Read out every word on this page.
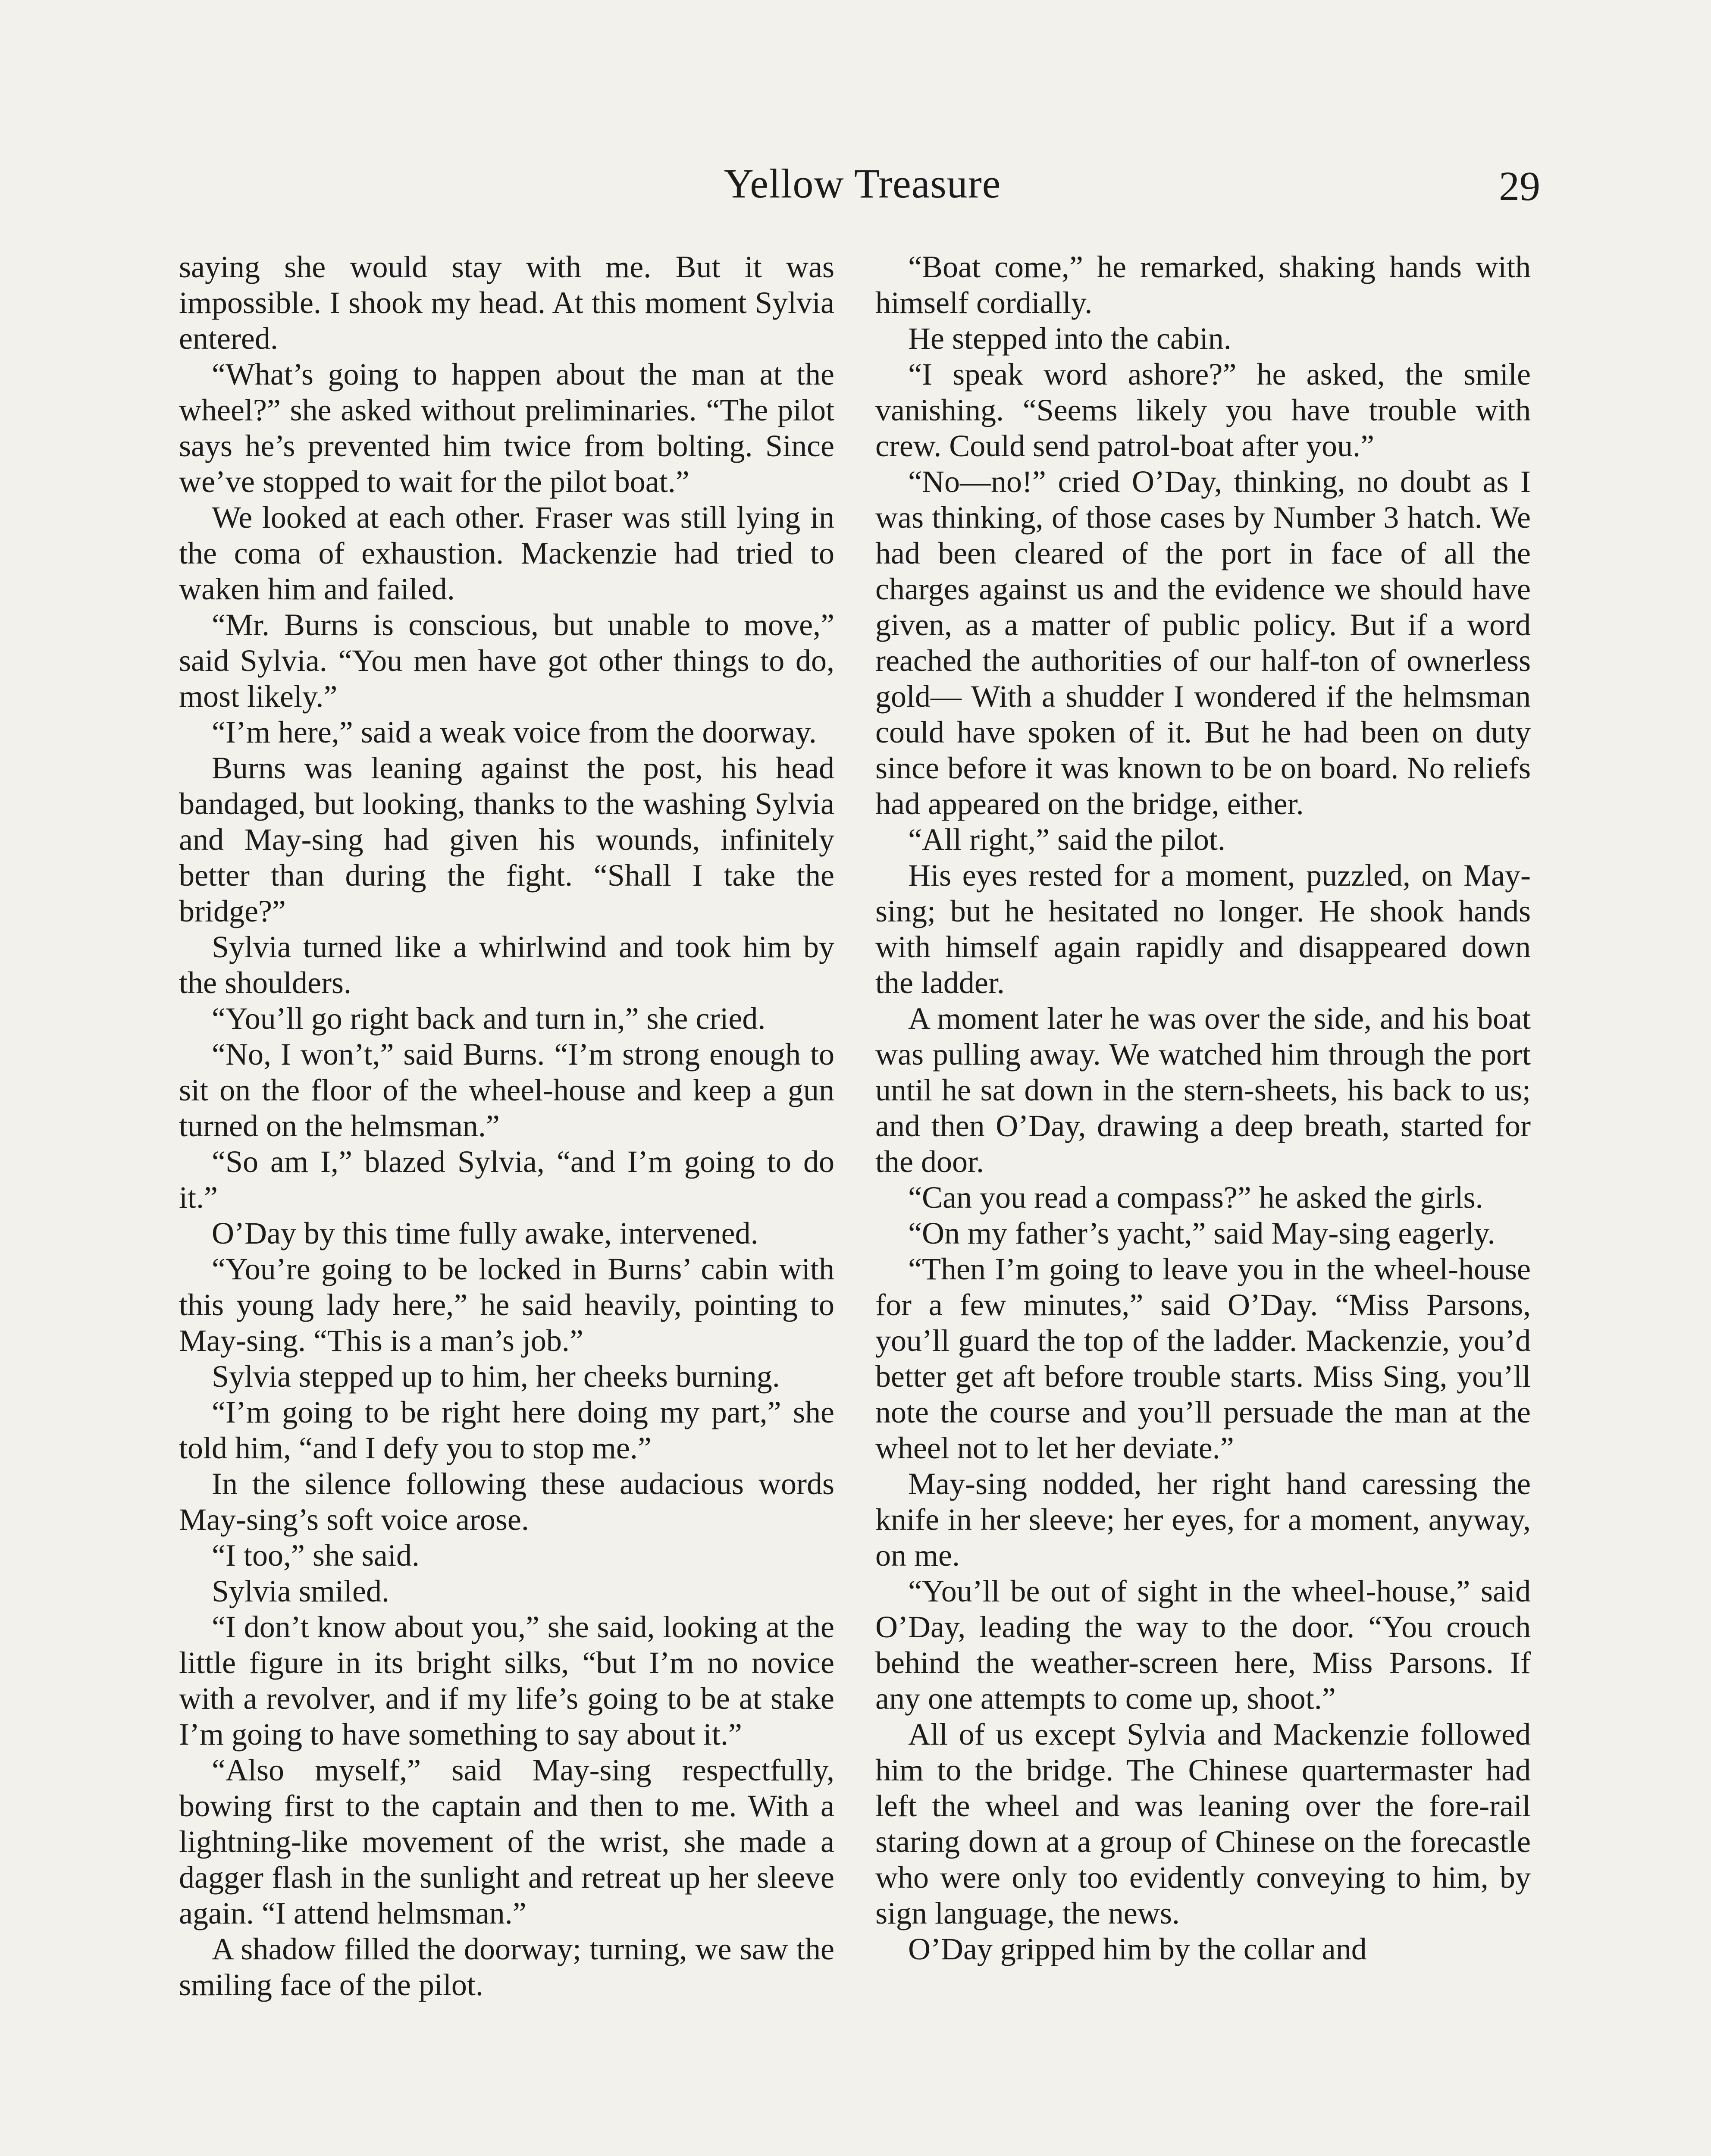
Yellow Treasure	29

saying she would stay with me. But it was impossible. I shook my head. At this moment Sylvia entered.

“What’s going to happen about the man at the wheel?” she asked without preliminaries. “The pilot says he’s prevented him twice from bolting. Since we’ve stopped to wait for the pilot boat.”

We looked at each other. Fraser was still lying in the coma of exhaustion. Mackenzie had tried to waken him and failed.

“Mr. Burns is conscious, but unable to move,” said Sylvia. “You men have got other things to do, most likely.”

“I’m here,” said a weak voice from the doorway.

Burns was leaning against the post, his head bandaged, but looking, thanks to the washing Sylvia and May-sing had given his wounds, infinitely better than during the fight. “Shall I take the bridge?”

Sylvia turned like a whirlwind and took him by the shoulders.

“You’ll go right back and turn in,” she cried.

“No, I won’t,” said Burns. “I’m strong enough to sit on the floor of the wheel-house and keep a gun turned on the helmsman.”

“So am I,” blazed Sylvia, “and I’m going to do it.”

O’Day by this time fully awake, intervened.

“You’re going to be locked in Burns’ cabin with this young lady here,” he said heavily, pointing to May-sing. “This is a man’s job.”

Sylvia stepped up to him, her cheeks burning.

“I’m going to be right here doing my part,” she told him, “and I defy you to stop me.”

In the silence following these audacious words May-sing’s soft voice arose.

“I too,” she said.

Sylvia smiled.

“I don’t know about you,” she said, looking at the little figure in its bright silks, “but I’m no novice with a revolver, and if my life’s going to be at stake I’m going to have something to say about it.”

“Also myself,” said May-sing respectfully, bowing first to the captain and then to me. With a lightning-like movement of the wrist, she made a dagger flash in the sunlight and retreat up her sleeve again. “I attend helmsman.”

A shadow filled the doorway; turning, we saw the smiling face of the pilot.

“Boat come,” he remarked, shaking hands with himself cordially.

He stepped into the cabin.

“I speak word ashore?” he asked, the smile vanishing. “Seems likely you have trouble with crew. Could send patrol-boat after you.”

“No—no!” cried O’Day, thinking, no doubt as I was thinking, of those cases by Number 3 hatch. We had been cleared of the port in face of all the charges against us and the evidence we should have given, as a matter of public policy. But if a word reached the authorities of our half-ton of ownerless gold— With a shudder I wondered if the helmsman could have spoken of it. But he had been on duty since before it was known to be on board. No reliefs had appeared on the bridge, either.

“All right,” said the pilot.

His eyes rested for a moment, puzzled, on May-sing; but he hesitated no longer. He shook hands with himself again rapidly and disappeared down the ladder.

A moment later he was over the side, and his boat was pulling away. We watched him through the port until he sat down in the stern-sheets, his back to us; and then O’Day, drawing a deep breath, started for the door.

“Can you read a compass?” he asked the girls.

“On my father’s yacht,” said May-sing eagerly.

“Then I’m going to leave you in the wheel-house for a few minutes,” said O’Day. “Miss Parsons, you’ll guard the top of the ladder. Mackenzie, you’d better get aft before trouble starts. Miss Sing, you’ll note the course and you’ll persuade the man at the wheel not to let her deviate.”

May-sing nodded, her right hand caressing the knife in her sleeve; her eyes, for a moment, anyway, on me.

“You’ll be out of sight in the wheel-house,” said O’Day, leading the way to the door. “You crouch behind the weather-screen here, Miss Parsons. If any one attempts to come up, shoot.”

All of us except Sylvia and Mackenzie followed him to the bridge. The Chinese quartermaster had left the wheel and was leaning over the fore-rail staring down at a group of Chinese on the forecastle who were only too evidently conveying to him, by sign language, the news.

O’Day gripped him by the collar and
